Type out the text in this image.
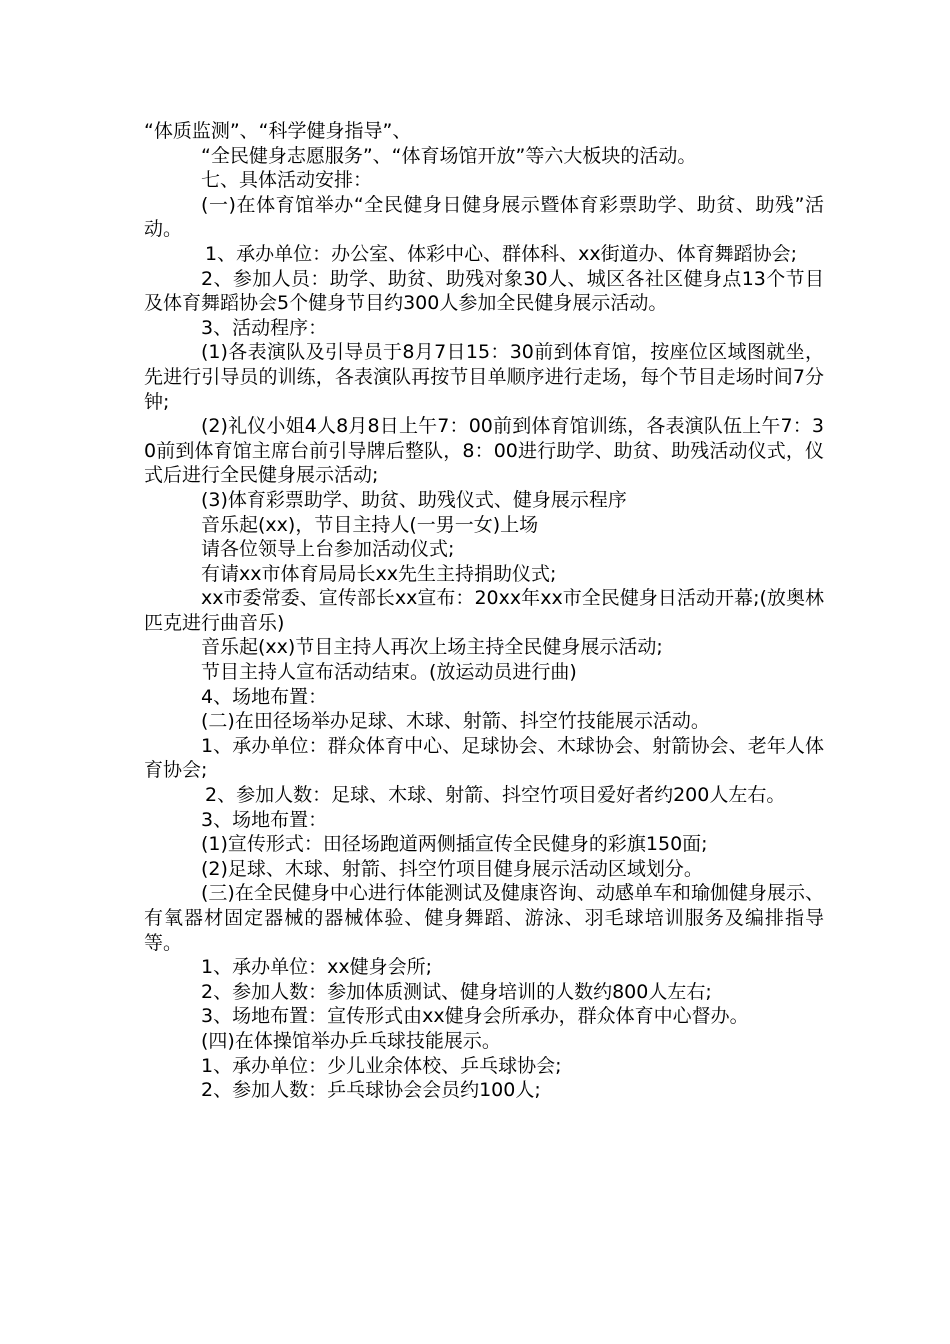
“体质监测”、“科学健身指导”、

“全民健身志愿服务”、“体育场馆开放”等六大板块的活动。

七、具体活动安排：

(一)在体育馆举办“全民健身日健身展示暨体育彩票助学、助贫、助残”活动。

1、承办单位：办公室、体彩中心、群体科、xx街道办、体育舞蹈协会;

2、参加人员：助学、助贫、助残对象30人、城区各社区健身点13个节目及体育舞蹈协会5个健身节目约300人参加全民健身展示活动。

3、活动程序：

(1)各表演队及引导员于8月7日15：30前到体育馆，按座位区域图就坐，先进行引导员的训练，各表演队再按节目单顺序进行走场，每个节目走场时间7分钟;

(2)礼仪小姐4人8月8日上午7：00前到体育馆训练，各表演队伍上午7：30前到体育馆主席台前引导牌后整队，8：00进行助学、助贫、助残活动仪式，仪式后进行全民健身展示活动;

(3)体育彩票助学、助贫、助残仪式、健身展示程序

音乐起(xx)，节目主持人(一男一女)上场

请各位领导上台参加活动仪式;

有请xx市体育局局长xx先生主持捐助仪式;

xx市委常委、宣传部长xx宣布：20xx年xx市全民健身日活动开幕;(放奥林匹克进行曲音乐)

音乐起(xx)节目主持人再次上场主持全民健身展示活动;

节目主持人宣布活动结束。(放运动员进行曲)

4、场地布置：

(二)在田径场举办足球、木球、射箭、抖空竹技能展示活动。

1、承办单位：群众体育中心、足球协会、木球协会、射箭协会、老年人体育协会;

2、参加人数：足球、木球、射箭、抖空竹项目爱好者约200人左右。

3、场地布置：

(1)宣传形式：田径场跑道两侧插宣传全民健身的彩旗150面;

(2)足球、木球、射箭、抖空竹项目健身展示活动区域划分。

(三)在全民健身中心进行体能测试及健康咨询、动感单车和瑜伽健身展示、有氧器材固定器械的器械体验、健身舞蹈、游泳、羽毛球培训服务及编排指导等。

1、承办单位：xx健身会所;

2、参加人数：参加体质测试、健身培训的人数约800人左右;

3、场地布置：宣传形式由xx健身会所承办，群众体育中心督办。

(四)在体操馆举办乒乓球技能展示。

1、承办单位：少儿业余体校、乒乓球协会;

2、参加人数：乒乓球协会会员约100人;
